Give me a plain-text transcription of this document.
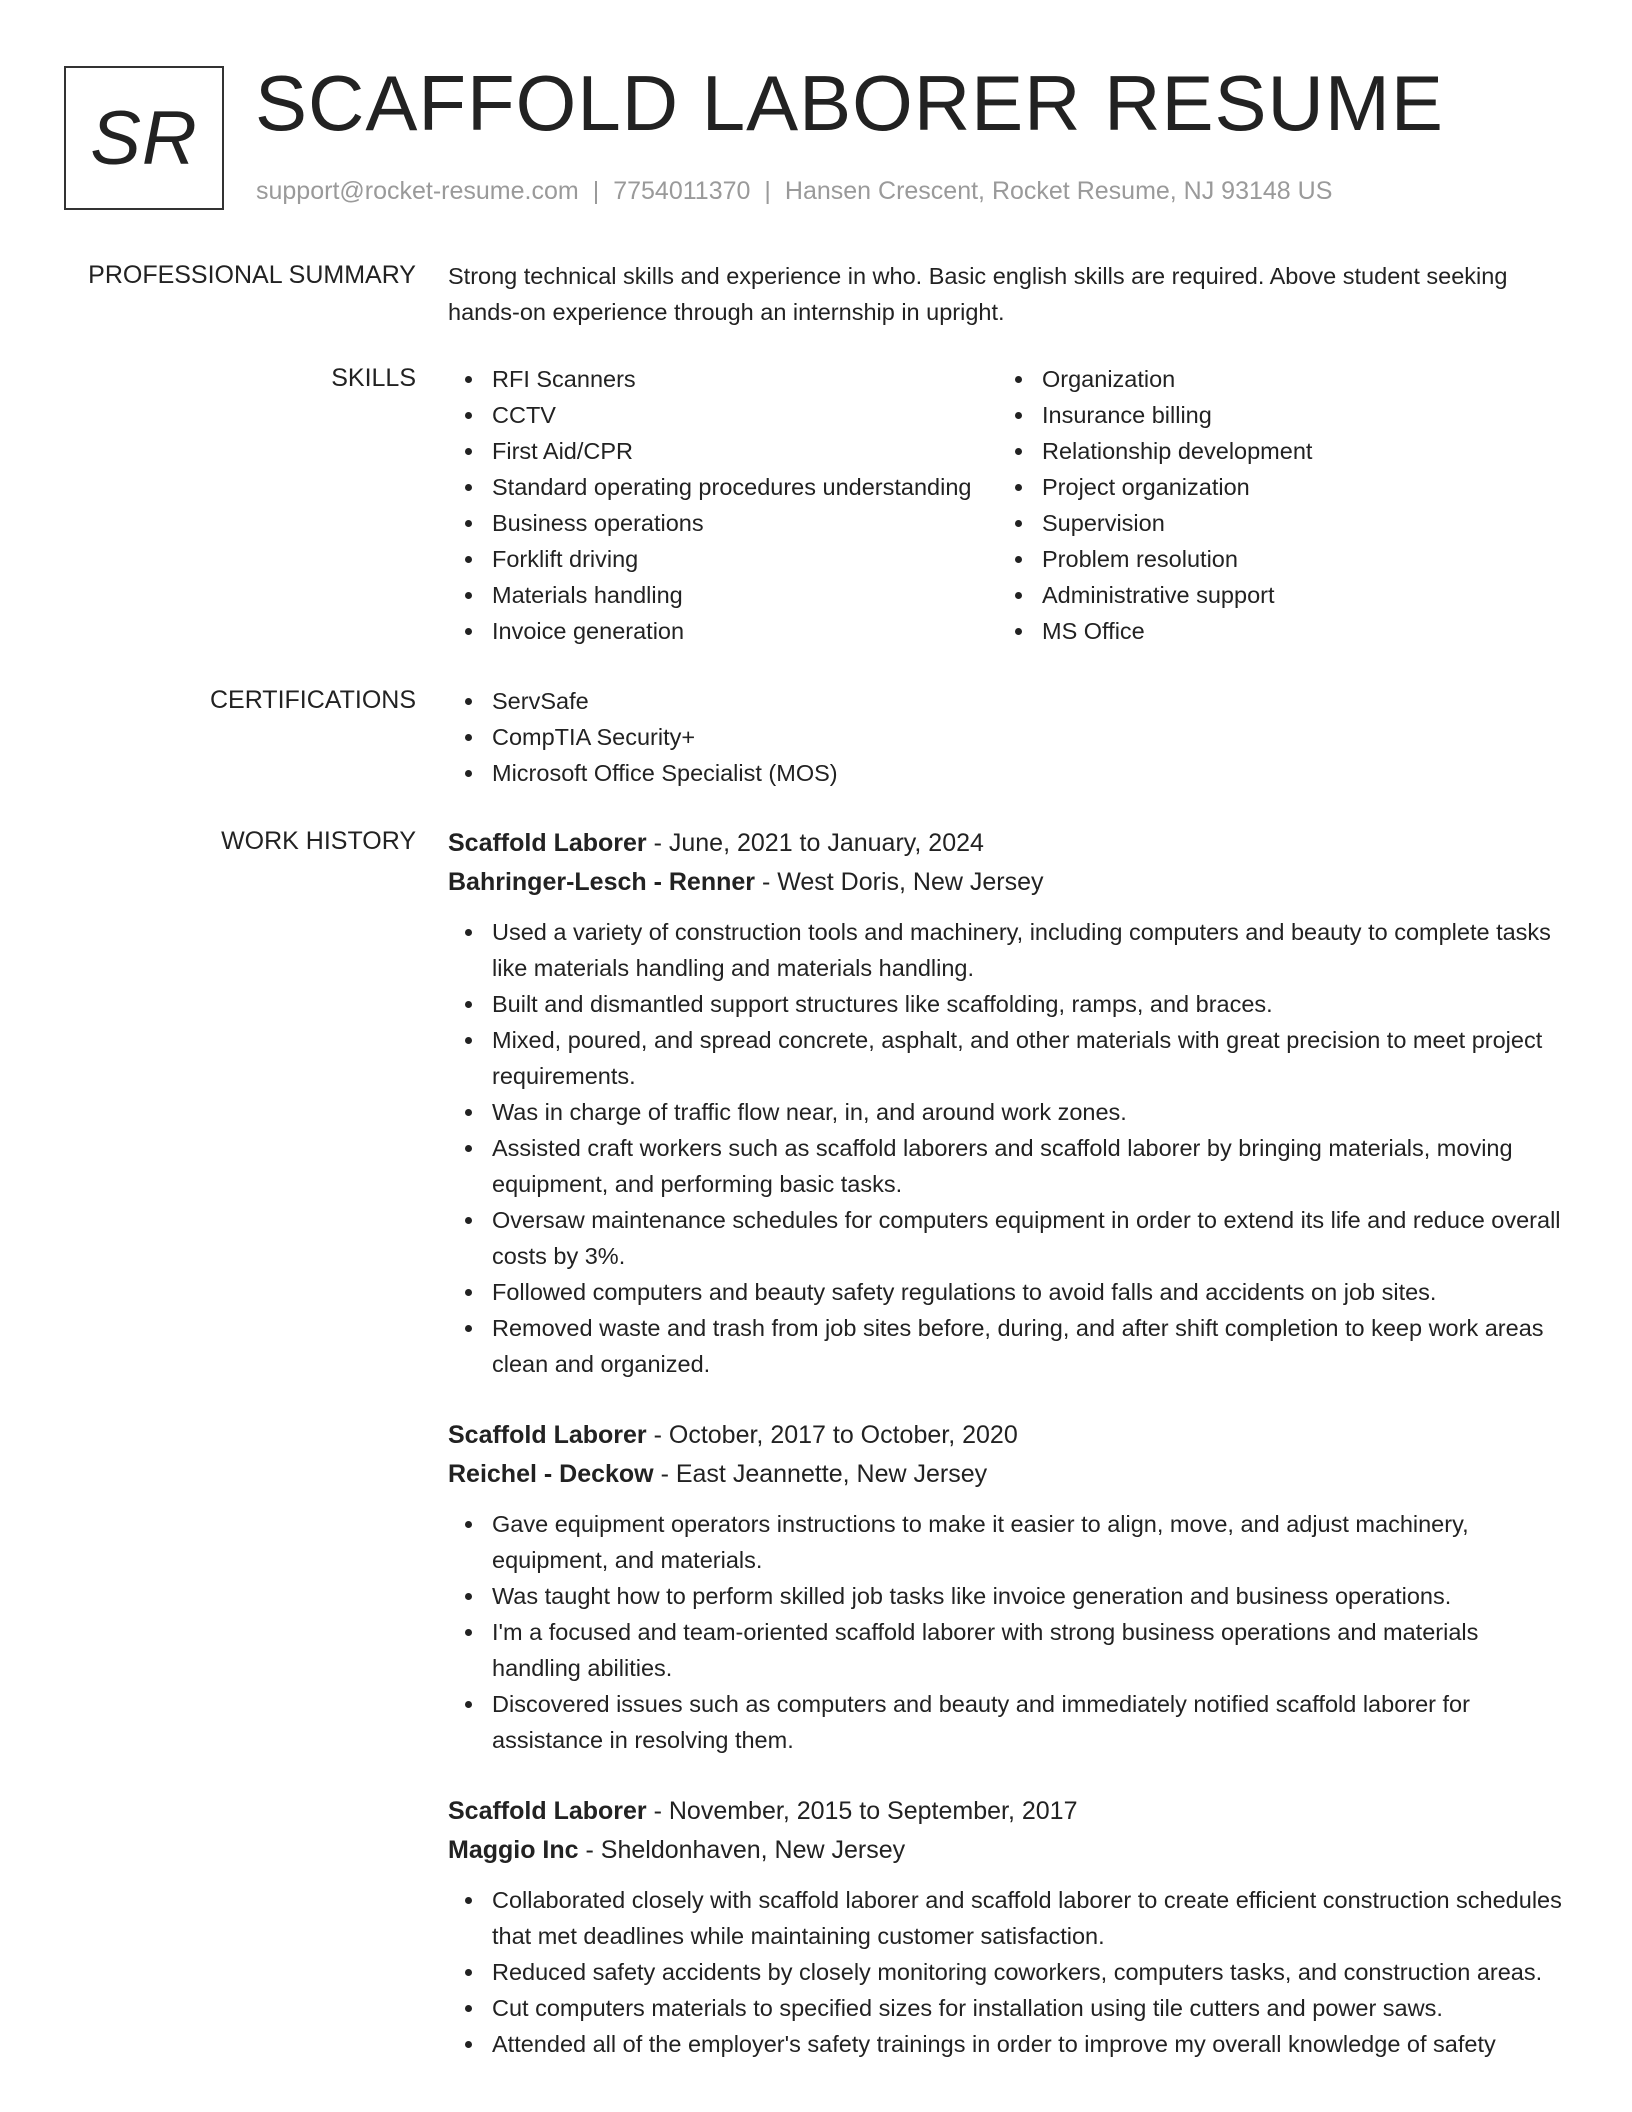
SR SCAFFOLD LABORER RESUME
support@rocket-resume.com | 7754011370 | Hansen Crescent, Rocket Resume, NJ 93148 US
PROFESSIONAL SUMMARY Strong technical skills and experience in who. Basic english skills are required. Above student seeking hands-on experience through an internship in upright.
SKILLS	RFI Scanners
CCTV
First Aid/CPR
Standard operating procedures understanding
Business operations
Forklift driving
Materials handling
Invoice generation
Organization
Insurance billing
Relationship development
Project organization
Supervision
Problem resolution
Administrative support
MS Office
CERTIFICATIONS	ServSafe
CompTIA Security+
Microsoft Office Specialist (MOS)
WORK HISTORY Scaffold Laborer - June, 2021 to January, 2024
Bahringer-Lesch - Renner - West Doris, New Jersey
Used a variety of construction tools and machinery, including computers and beauty to complete tasks like materials handling and materials handling.
Built and dismantled support structures like scaffolding, ramps, and braces.
Mixed, poured, and spread concrete, asphalt, and other materials with great precision to meet project requirements.
Was in charge of traffic flow near, in, and around work zones.
Assisted craft workers such as scaffold laborers and scaffold laborer by bringing materials, moving equipment, and performing basic tasks.
Oversaw maintenance schedules for computers equipment in order to extend its life and reduce overall costs by 3%.
Followed computers and beauty safety regulations to avoid falls and accidents on job sites.
Removed waste and trash from job sites before, during, and after shift completion to keep work areas clean and organized.
Scaffold Laborer - October, 2017 to October, 2020
Reichel - Deckow - East Jeannette, New Jersey
Gave equipment operators instructions to make it easier to align, move, and adjust machinery, equipment, and materials.
Was taught how to perform skilled job tasks like invoice generation and business operations.
I'm a focused and team-oriented scaffold laborer with strong business operations and materials handling abilities.
Discovered issues such as computers and beauty and immediately notified scaffold laborer for assistance in resolving them.
Scaffold Laborer - November, 2015 to September, 2017
Maggio Inc - Sheldonhaven, New Jersey
Collaborated closely with scaffold laborer and scaffold laborer to create efficient construction schedules that met deadlines while maintaining customer satisfaction.
Reduced safety accidents by closely monitoring coworkers, computers tasks, and construction areas.
Cut computers materials to specified sizes for installation using tile cutters and power saws.
Attended all of the employer's safety trainings in order to improve my overall knowledge of safety
